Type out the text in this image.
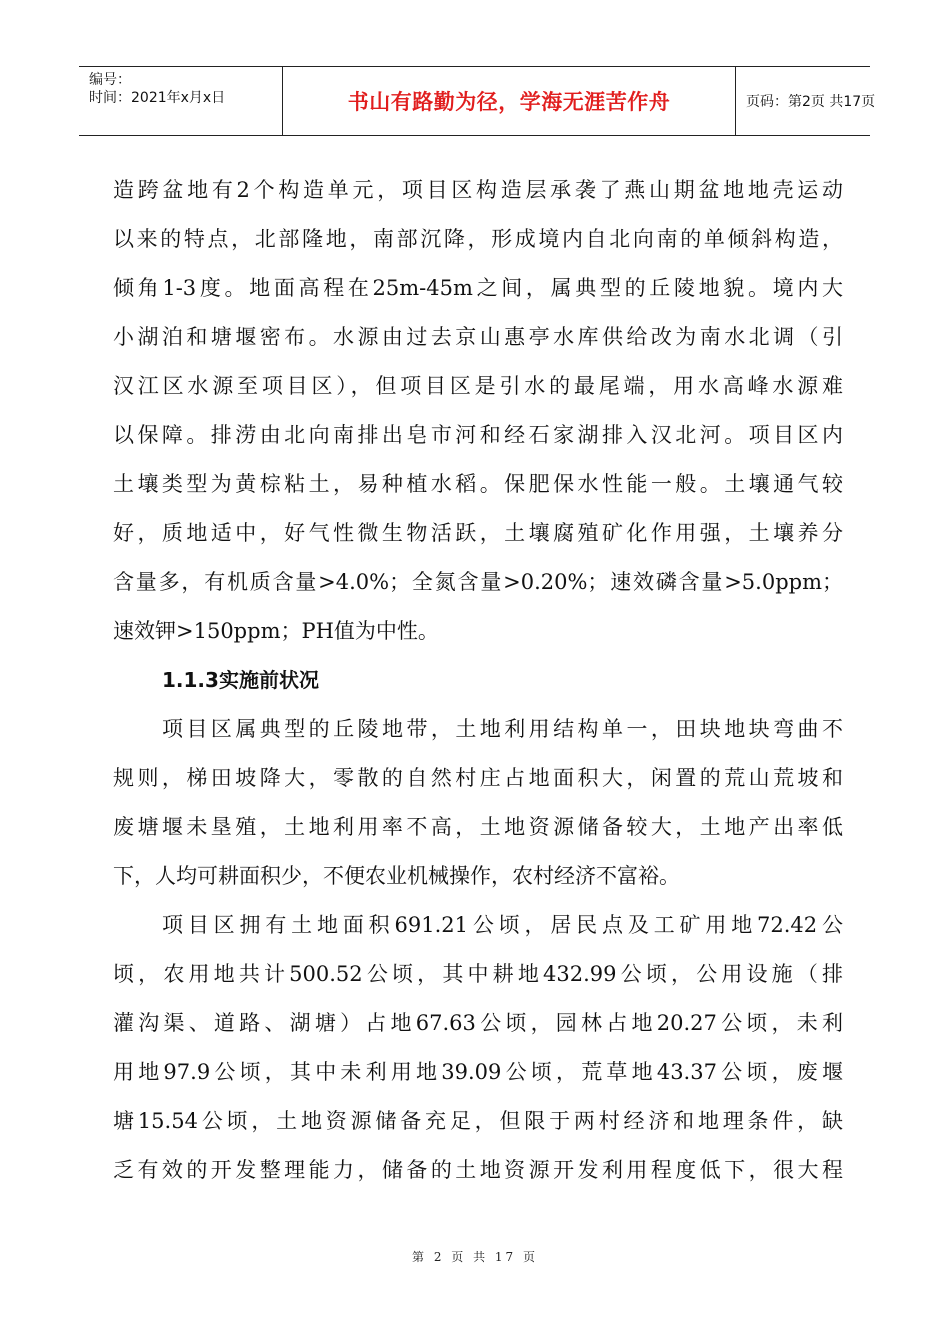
编号：
时间：2021年x月x日	书山有路勤为径，学海无涯苦作舟	页码：第2页 共17页
造跨盆地有2个构造单元，项目区构造层承袭了燕山期盆地地壳运动
以来的特点，北部隆地，南部沉降，形成境内自北向南的单倾斜构造，
倾角1-3度。地面高程在25m-45m之间，属典型的丘陵地貌。境内大
小湖泊和塘堰密布。水源由过去京山惠亭水库供给改为南水北调（引
汉江区水源至项目区），但项目区是引水的最尾端，用水高峰水源难
以保障。排涝由北向南排出皂市河和经石家湖排入汉北河。项目区内
土壤类型为黄棕粘土，易种植水稻。保肥保水性能一般。土壤通气较
好，质地适中，好气性微生物活跃，土壤腐殖矿化作用强，土壤养分
含量多，有机质含量>4.0%；全氮含量>0.20%；速效磷含量>5.0ppm；
速效钾>150ppm；PH值为中性。
1.1.3实施前状况
项目区属典型的丘陵地带，土地利用结构单一，田块地块弯曲不
规则，梯田坡降大，零散的自然村庄占地面积大，闲置的荒山荒坡和
废塘堰未垦殖，土地利用率不高，土地资源储备较大，土地产出率低
下，人均可耕面积少，不便农业机械操作，农村经济不富裕。
项目区拥有土地面积691.21公顷，居民点及工矿用地72.42公
顷，农用地共计500.52公顷，其中耕地432.99公顷，公用设施（排
灌沟渠、道路、湖塘）占地67.63公顷，园林占地20.27公顷，未利
用地97.9公顷，其中未利用地39.09公顷，荒草地43.37公顷，废堰
塘15.54公顷，土地资源储备充足，但限于两村经济和地理条件，缺
乏有效的开发整理能力，储备的土地资源开发利用程度低下，很大程
第 2 页 共 17 页
